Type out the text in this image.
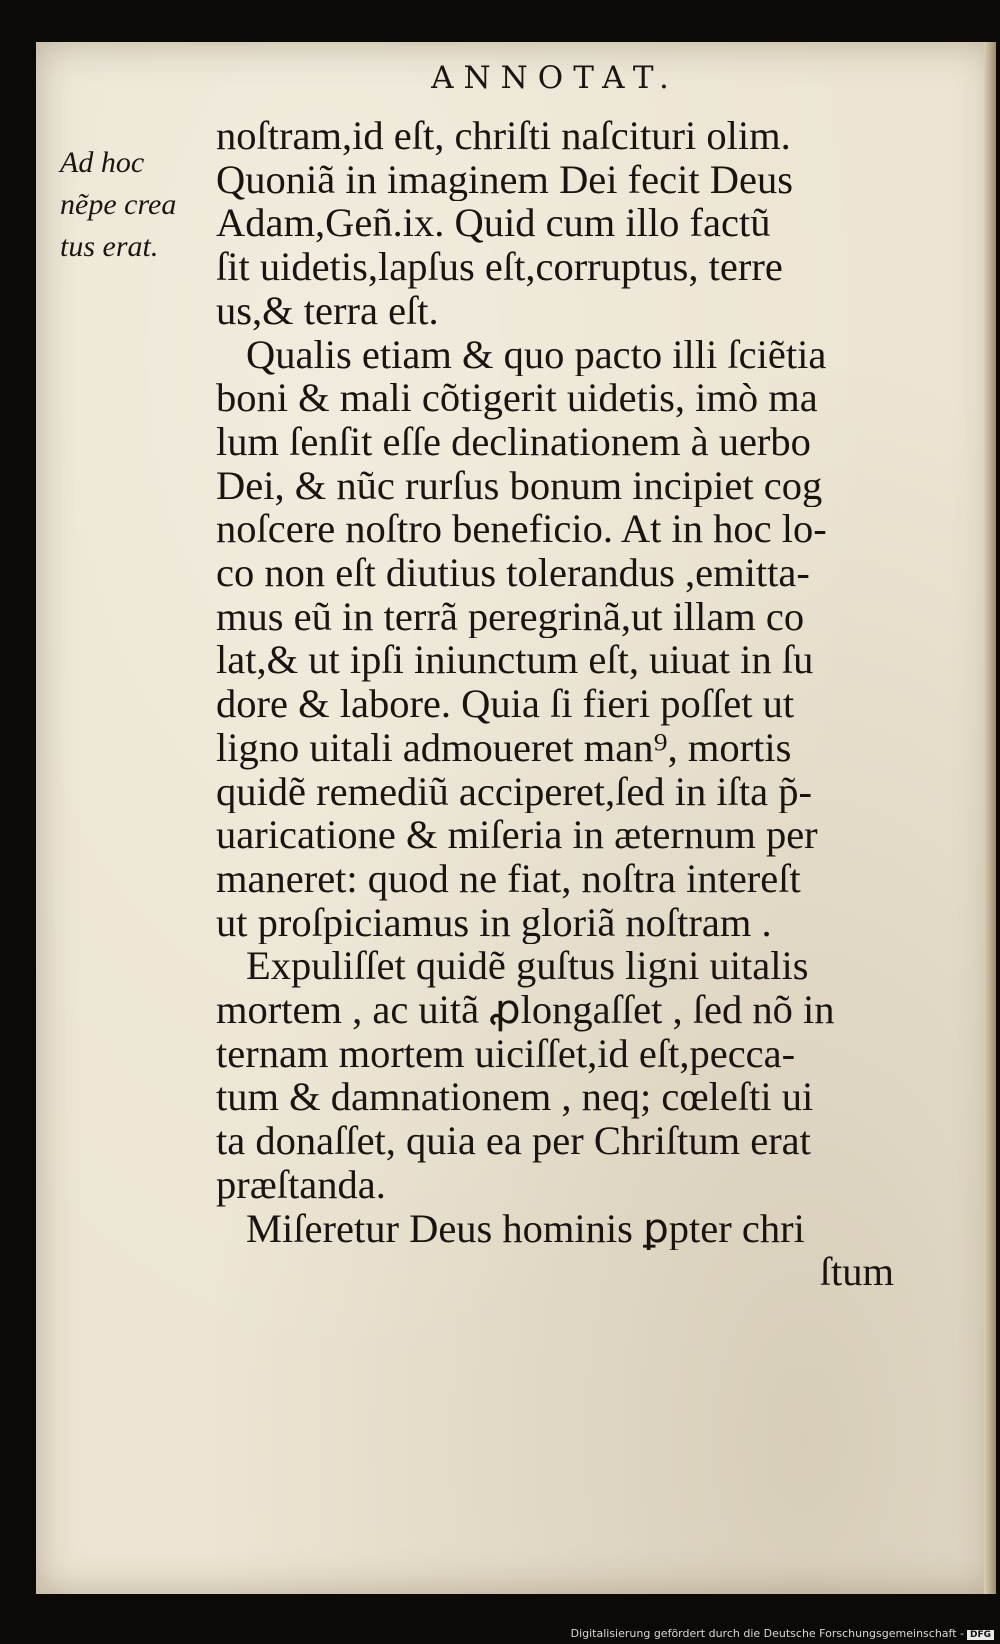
ANNOTAT.
Ad hoc
nẽpe crea
tus erat.
noſtram,id eſt, chriſti naſcituri olim.
Quoniã in imaginem Dei fecit Deus
Adam,Geñ.ix. Quid cum illo factũ
ſit uidetis,lapſus eſt,corruptus, terre
us,& terra eſt.
Qualis etiam & quo pacto illi ſciẽtia
boni & mali cõtigerit uidetis, imò ma
lum ſenſit eſſe declinationem à uerbo
Dei, & nũc rurſus bonum incipiet cog
noſcere noſtro beneficio. At in hoc lo-
co non eſt diutius tolerandus ,emitta-
mus eũ in terrã peregrinã,ut illam co
lat,& ut ipſi iniunctum eſt, uiuat in ſu
dore & labore. Quia ſi fieri poſſet ut
ligno uitali admoueret man⁹, mortis
quidẽ remediũ acciperet,ſed in iſta p̃-
uaricatione & miſeria in æternum per
maneret: quod ne fiat, noſtra intereſt
ut proſpiciamus in gloriã noſtram .
Expuliſſet quidẽ guſtus ligni uitalis
mortem , ac uitã ꝓlongaſſet , ſed nõ in
ternam mortem uiciſſet,id eſt,pecca-
tum & damnationem , neq; cœleſti ui
ta donaſſet, quia ea per Chriſtum erat
præſtanda.
Miſeretur Deus hominis ꝑpter chri
ſtum
Digitalisierung gefördert durch die Deutsche Forschungsgemeinschaft - DFG
